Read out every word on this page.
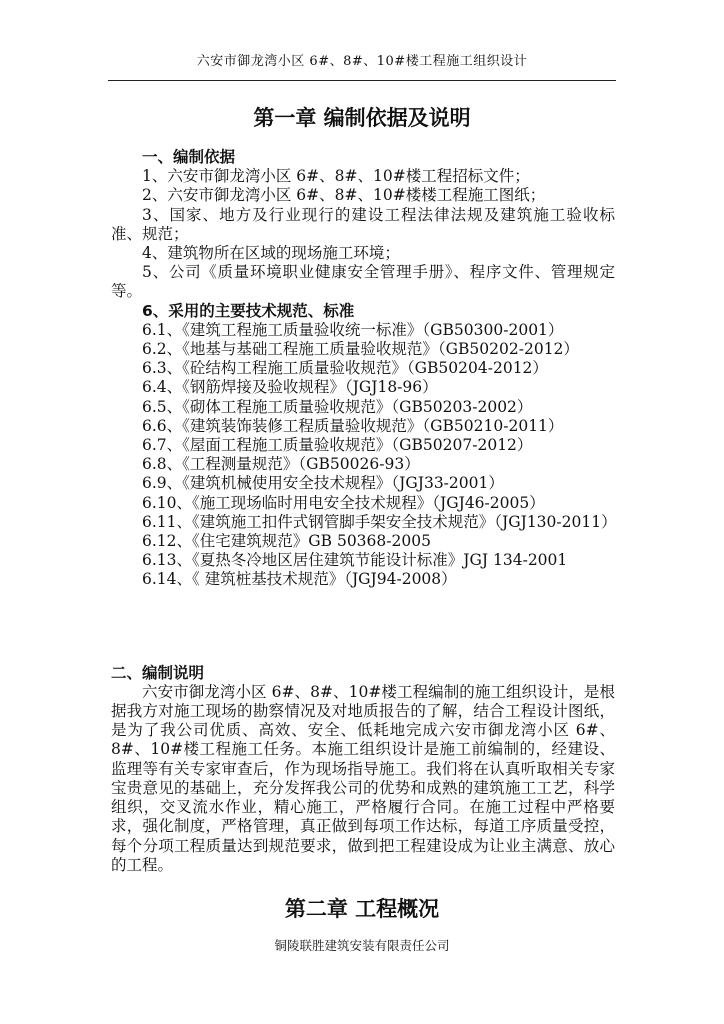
六安市御龙湾小区 6#、8#、10#楼工程施工组织设计
第一章 编制依据及说明

一、编制依据

1、六安市御龙湾小区 6#、8#、10#楼工程招标文件；

2、六安市御龙湾小区 6#、8#、10#楼楼工程施工图纸；

3、国家、地方及行业现行的建设工程法律法规及建筑施工验收标准、规范；

4、建筑物所在区域的现场施工环境；

5、公司《质量环境职业健康安全管理手册》、程序文件、管理规定等。

6、采用的主要技术规范、标准

6.1、《建筑工程施工质量验收统一标准》（GB50300-2001）

6.2、《地基与基础工程施工质量验收规范》（GB50202-2012）

6.3、《砼结构工程施工质量验收规范》（GB50204-2012）

6.4、《钢筋焊接及验收规程》（JGJ18-96）

6.5、《砌体工程施工质量验收规范》（GB50203-2002）

6.6、《建筑装饰装修工程质量验收规范》（GB50210-2011）

6.7、《屋面工程施工质量验收规范》（GB50207-2012）

6.8、《工程测量规范》（GB50026-93）

6.9、《建筑机械使用安全技术规程》（JGJ33-2001）

6.10、《施工现场临时用电安全技术规程》（JGJ46-2005）

6.11、《建筑施工扣件式钢管脚手架安全技术规范》（JGJ130-2011）

6.12、《住宅建筑规范》GB 50368-2005

6.13、《夏热冬冷地区居住建筑节能设计标准》JGJ 134-2001

6.14、《 建筑桩基技术规范》（JGJ94-2008）

二、编制说明

六安市御龙湾小区 6#、8#、10#楼工程编制的施工组织设计，是根据我方对施工现场的勘察情况及对地质报告的了解，结合工程设计图纸，是为了我公司优质、高效、安全、低耗地完成六安市御龙湾小区 6#、8#、10#楼工程施工任务。本施工组织设计是施工前编制的，经建设、监理等有关专家审查后，作为现场指导施工。我们将在认真听取相关专家宝贵意见的基础上，充分发挥我公司的优势和成熟的建筑施工工艺，科学组织，交叉流水作业，精心施工，严格履行合同。在施工过程中严格要求，强化制度，严格管理，真正做到每项工作达标，每道工序质量受控，每个分项工程质量达到规范要求，做到把工程建设成为让业主满意、放心的工程。

第二章 工程概况
铜陵联胜建筑安装有限责任公司
